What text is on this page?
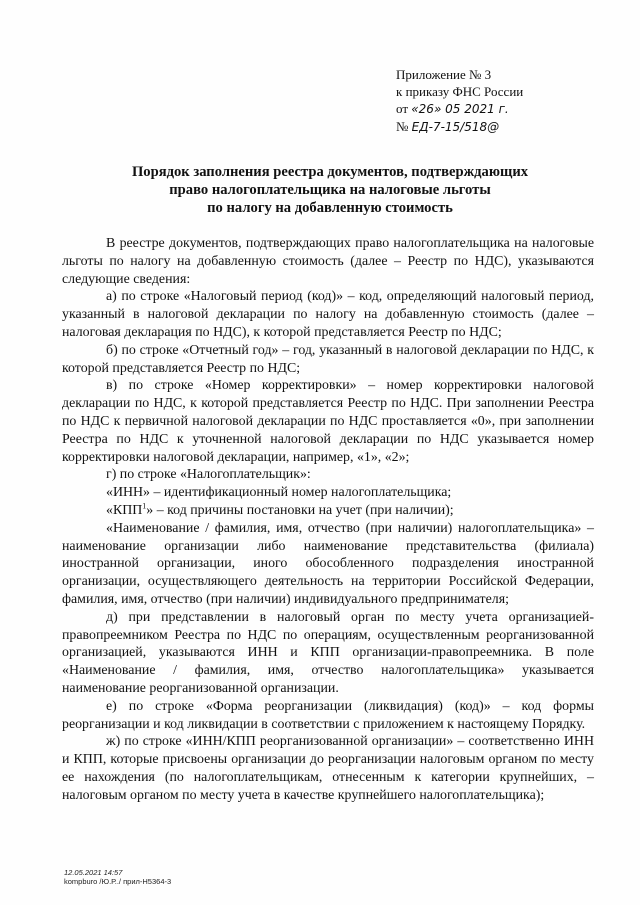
Приложение № 3
к приказу ФНС России
от «26» 05 2021 г.
№ ЕД-7-15/518@
Порядок заполнения реестра документов, подтверждающих
право налогоплательщика на налоговые льготы
по налогу на добавленную стоимость

В реестре документов, подтверждающих право налогоплательщика на налоговые льготы по налогу на добавленную стоимость (далее – Реестр по НДС), указываются следующие сведения:

а) по строке «Налоговый период (код)» – код, определяющий налоговый период, указанный в налоговой декларации по налогу на добавленную стоимость (далее – налоговая декларация по НДС), к которой представляется Реестр по НДС;

б) по строке «Отчетный год» – год, указанный в налоговой декларации по НДС, к которой представляется Реестр по НДС;

в) по строке «Номер корректировки» – номер корректировки налоговой декларации по НДС, к которой представляется Реестр по НДС. При заполнении Реестра по НДС к первичной налоговой декларации по НДС проставляется «0», при заполнении Реестра по НДС к уточненной налоговой декларации по НДС указывается номер корректировки налоговой декларации, например, «1», «2»;

г) по строке «Налогоплательщик»:

«ИНН» – идентификационный номер налогоплательщика;

«КПП$^1$» – код причины постановки на учет (при наличии);

«Наименование / фамилия, имя, отчество (при наличии) налогоплательщика» – наименование организации либо наименование представительства (филиала) иностранной организации, иного обособленного подразделения иностранной организации, осуществляющего деятельность на территории Российской Федерации, фамилия, имя, отчество (при наличии) индивидуального предпринимателя;

д) при представлении в налоговый орган по месту учета организацией-правопреемником Реестра по НДС по операциям, осуществленным реорганизованной организацией, указываются ИНН и КПП организации-правопреемника. В поле «Наименование / фамилия, имя, отчество налогоплательщика» указывается наименование реорганизованной организации.

е) по строке «Форма реорганизации (ликвидация) (код)» – код формы реорганизации и код ликвидации в соответствии с приложением к настоящему Порядку.

ж) по строке «ИНН/КПП реорганизованной организации» – соответственно ИНН и КПП, которые присвоены организации до реорганизации налоговым органом по месту ее нахождения (по налогоплательщикам, отнесенным к категории крупнейших, – налоговым органом по месту учета в качестве крупнейшего налогоплательщика);

12.05.2021 14:57
kompburo /Ю.Р../ прил-Н5364-3
